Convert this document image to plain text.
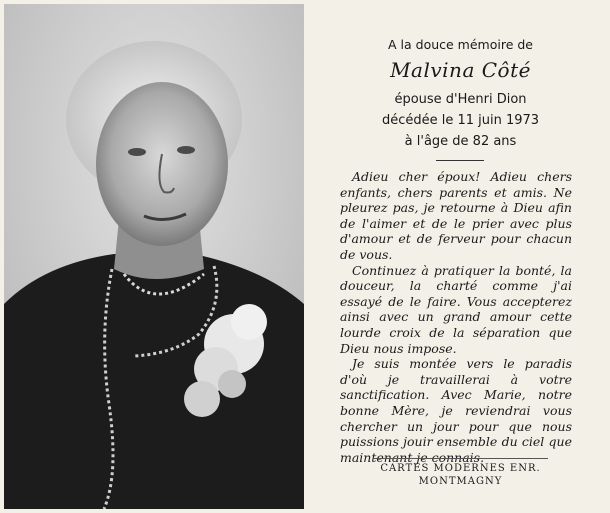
A la douce mémoire de
Malvina Côté
épouse d'Henri Dion
décédée le 11 juin 1973
à l'âge de 82 ans

Adieu cher époux! Adieu chers enfants, chers parents et amis. Ne pleurez pas, je retourne à Dieu afin de l'aimer et de le prier avec plus d'amour et de ferveur pour chacun de vous.

Continuez à pratiquer la bonté, la douceur, la charté comme j'ai essayé de le faire. Vous accepterez ainsi avec un grand amour cette lourde croix de la séparation que Dieu nous impose.

Je suis montée vers le paradis d'où je travaillerai à votre sanctification. Avec Marie, notre bonne Mère, je reviendrai vous chercher un jour pour que nous puissions jouir ensemble du ciel que maintenant je connais.

CARTES MODERNES ENR.
MONTMAGNY
